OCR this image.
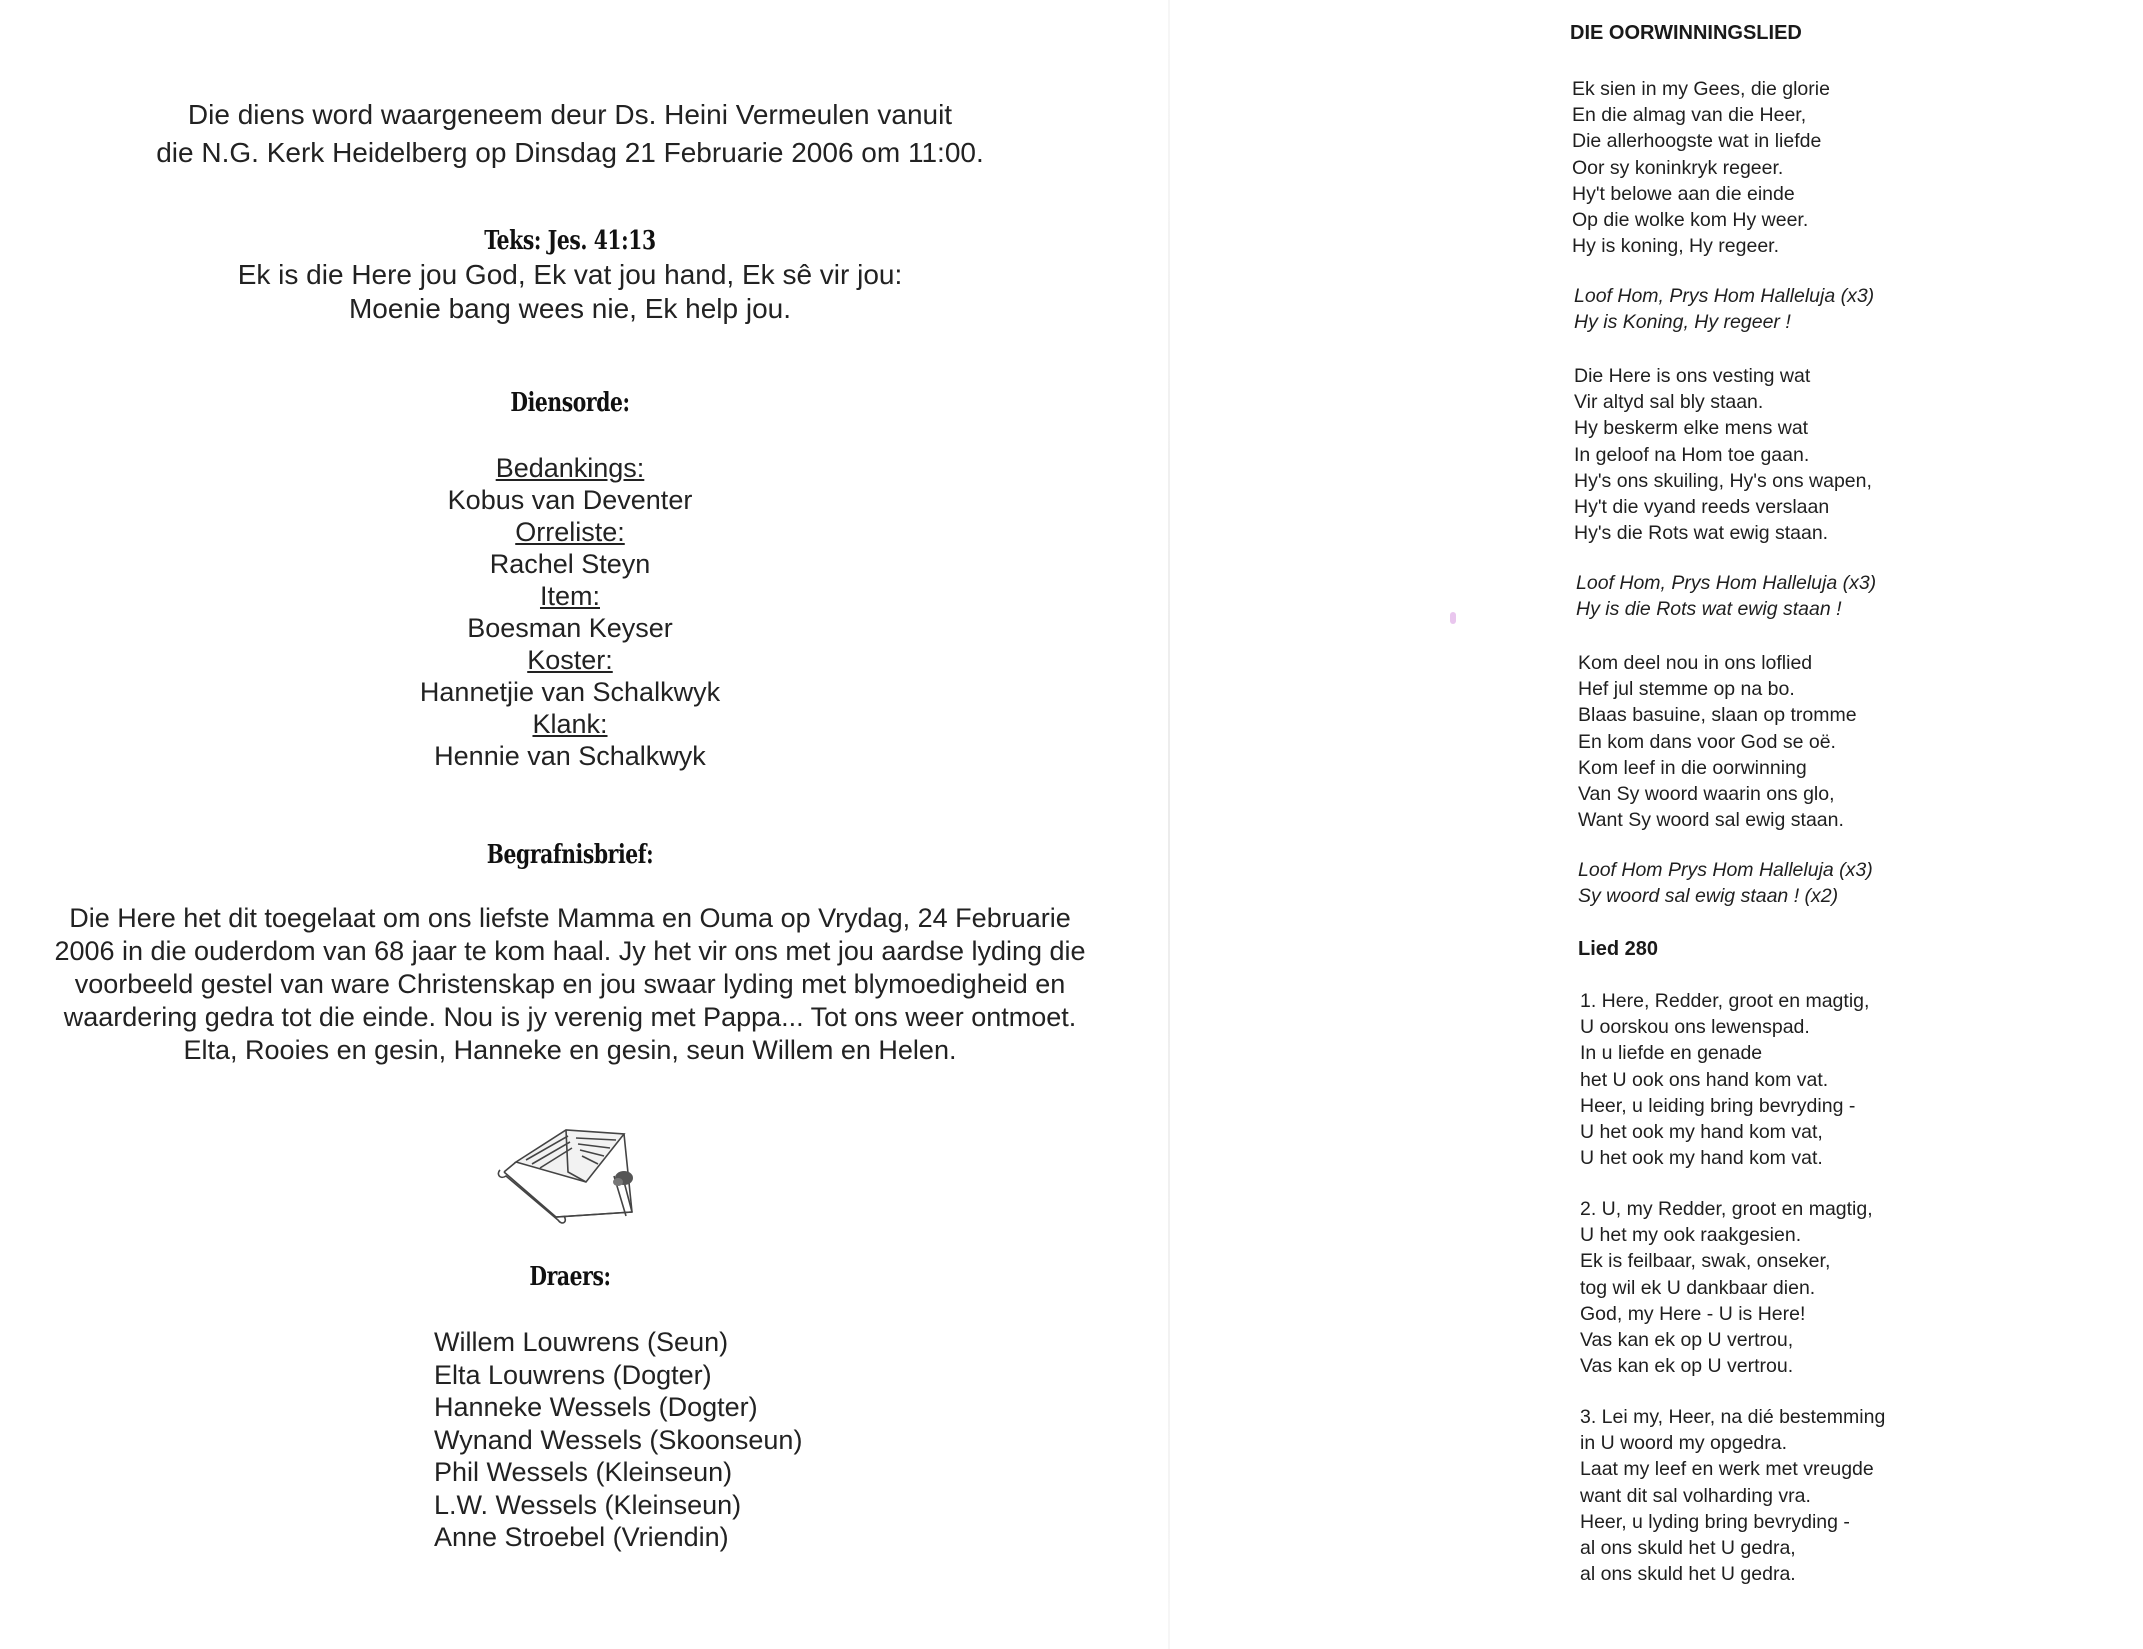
Die diens word waargeneem deur Ds. Heini Vermeulen vanuit
die N.G. Kerk Heidelberg op Dinsdag 21 Februarie 2006 om 11:00.
Teks: Jes. 41:13
Ek is die Here jou God, Ek vat jou hand, Ek sê vir jou:
Moenie bang wees nie, Ek help jou.
Diensorde:
Bedankings:
Kobus van Deventer
Orreliste:
Rachel Steyn
Item:
Boesman Keyser
Koster:
Hannetjie van Schalkwyk
Klank:
Hennie van Schalkwyk
Begrafnisbrief:
Die Here het dit toegelaat om ons liefste Mamma en Ouma op Vrydag, 24 Februarie
2006 in die ouderdom van 68 jaar te kom haal. Jy het vir ons met jou aardse lyding die
voorbeeld gestel van ware Christenskap en jou swaar lyding met blymoedigheid en
waardering gedra tot die einde. Nou is jy verenig met Pappa... Tot ons weer ontmoet.
Elta, Rooies en gesin, Hanneke en gesin, seun Willem en Helen.
Draers:
Willem Louwrens (Seun)
Elta Louwrens (Dogter)
Hanneke Wessels (Dogter)
Wynand Wessels (Skoonseun)
Phil Wessels (Kleinseun)
L.W. Wessels (Kleinseun)
Anne Stroebel (Vriendin)
DIE OORWINNINGSLIED
Ek sien in my Gees, die glorie
En die almag van die Heer,
Die allerhoogste wat in liefde
Oor sy koninkryk regeer.
Hy't belowe aan die einde
Op die wolke kom Hy weer.
Hy is koning, Hy regeer.
Loof Hom, Prys Hom Halleluja (x3)
Hy is Koning, Hy regeer !
Die Here is ons vesting wat
Vir altyd sal bly staan.
Hy beskerm elke mens wat
In geloof na Hom toe gaan.
Hy's ons skuiling, Hy's ons wapen,
Hy't die vyand reeds verslaan
Hy's die Rots wat ewig staan.
Loof Hom, Prys Hom Halleluja (x3)
Hy is die Rots wat ewig staan !
Kom deel nou in ons loflied
Hef jul stemme op na bo.
Blaas basuine, slaan op tromme
En kom dans voor God se oë.
Kom leef in die oorwinning
Van Sy woord waarin ons glo,
Want Sy woord sal ewig staan.
Loof Hom Prys Hom Halleluja (x3)
Sy woord sal ewig staan ! (x2)
Lied 280
1. Here, Redder, groot en magtig,
U oorskou ons lewenspad.
In u liefde en genade
het U ook ons hand kom vat.
Heer, u leiding bring bevryding -
U het ook my hand kom vat,
U het ook my hand kom vat.
2. U, my Redder, groot en magtig,
U het my ook raakgesien.
Ek is feilbaar, swak, onseker,
tog wil ek U dankbaar dien.
God, my Here - U is Here!
Vas kan ek op U vertrou,
Vas kan ek op U vertrou.
3. Lei my, Heer, na dié bestemming
in U woord my opgedra.
Laat my leef en werk met vreugde
want dit sal volharding vra.
Heer, u lyding bring bevryding -
al ons skuld het U gedra,
al ons skuld het U gedra.
